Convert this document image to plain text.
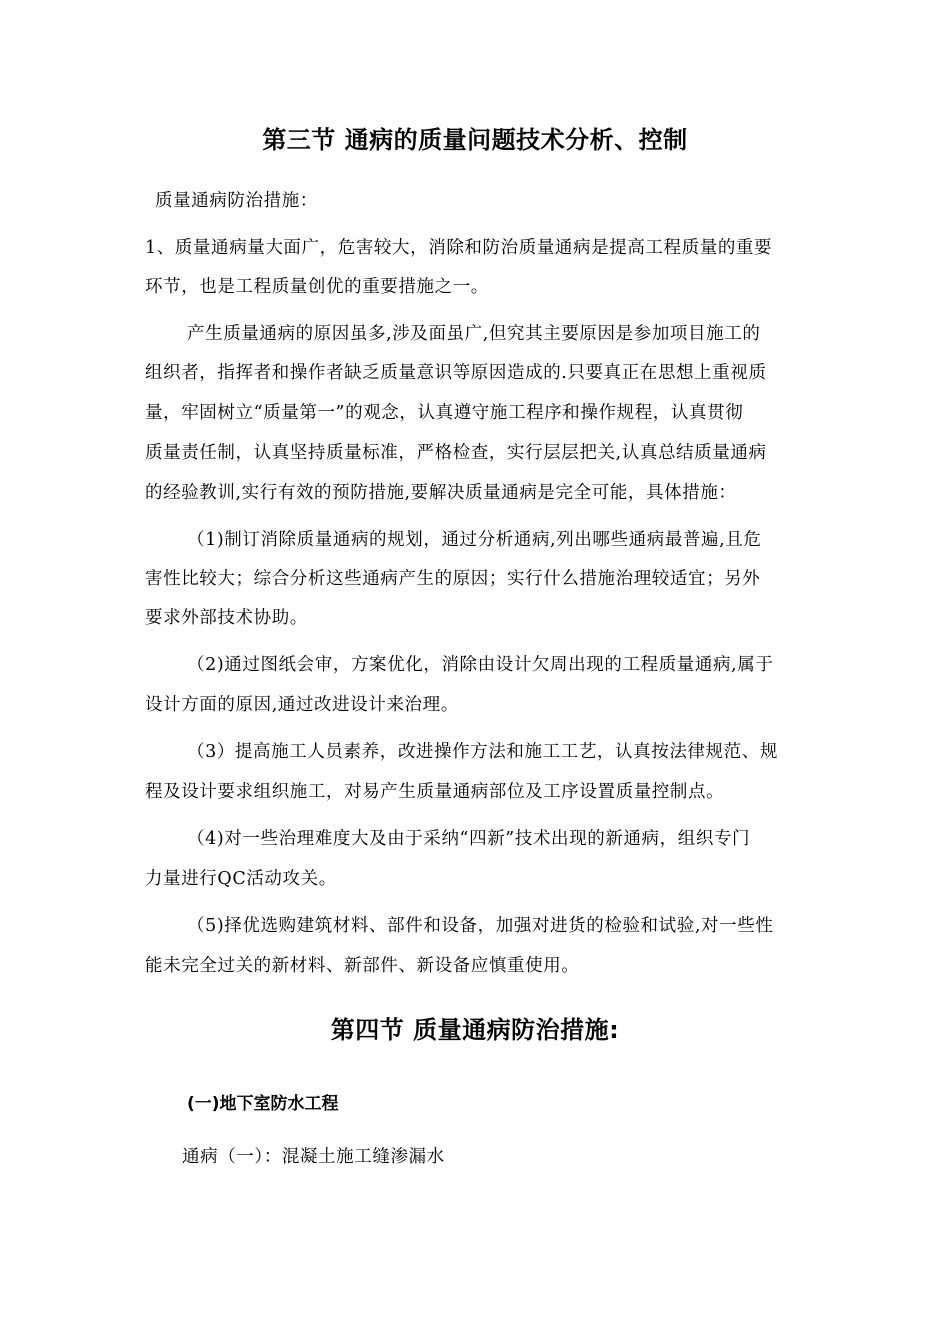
第三节 通病的质量问题技术分析、控制
质量通病防治措施：
1、质量通病量大面广，危害较大，消除和防治质量通病是提高工程质量的重要
环节，也是工程质量创优的重要措施之一。
产生质量通病的原因虽多,涉及面虽广,但究其主要原因是参加项目施工的
组织者，指挥者和操作者缺乏质量意识等原因造成的.只要真正在思想上重视质
量，牢固树立“质量第一”的观念，认真遵守施工程序和操作规程，认真贯彻
质量责任制，认真坚持质量标准，严格检查，实行层层把关,认真总结质量通病
的经验教训,实行有效的预防措施,要解决质量通病是完全可能，具体措施：
（1)制订消除质量通病的规划，通过分析通病,列出哪些通病最普遍,且危
害性比较大；综合分析这些通病产生的原因；实行什么措施治理较适宜；另外
要求外部技术协助。
（2)通过图纸会审，方案优化，消除由设计欠周出现的工程质量通病,属于
设计方面的原因,通过改进设计来治理。
（3）提高施工人员素养，改进操作方法和施工工艺，认真按法律规范、规
程及设计要求组织施工，对易产生质量通病部位及工序设置质量控制点。
（4)对一些治理难度大及由于采纳“四新”技术出现的新通病，组织专门
力量进行QC活动攻关。
（5)择优选购建筑材料、部件和设备，加强对进货的检验和试验,对一些性
能未完全过关的新材料、新部件、新设备应慎重使用。
第四节 质量通病防治措施:
(一)地下室防水工程
通病（一）：混凝土施工缝渗漏水
